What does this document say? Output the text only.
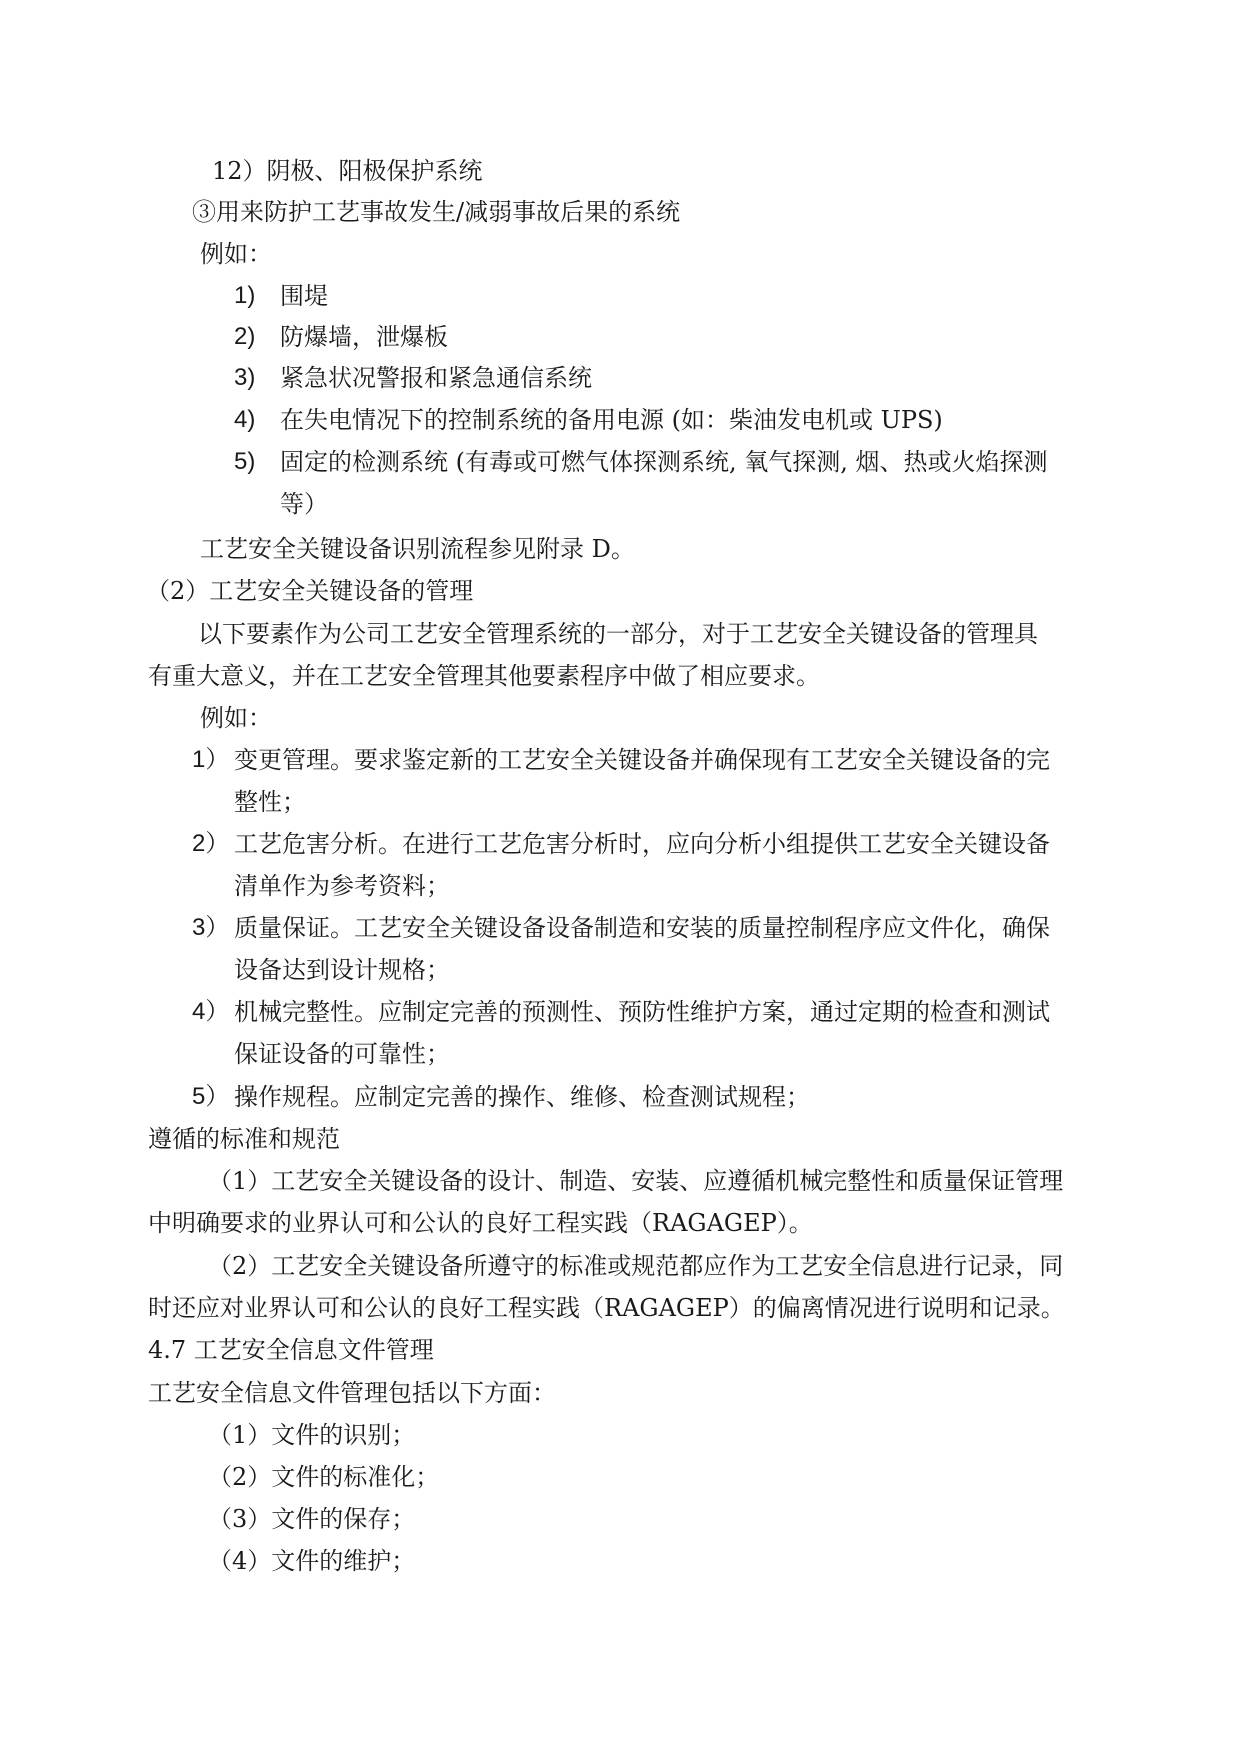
12）阴极、阳极保护系统
③用来防护工艺事故发生/减弱事故后果的系统
例如：
1) 围堤
2) 防爆墙，泄爆板
3) 紧急状况警报和紧急通信系统
4) 在失电情况下的控制系统的备用电源 (如：柴油发电机或 UPS)
5) 固定的检测系统 (有毒或可燃气体探测系统, 氧气探测, 烟、热或火焰探测
等）
工艺安全关键设备识别流程参见附录 D。
（2）工艺安全关键设备的管理
以下要素作为公司工艺安全管理系统的一部分，对于工艺安全关键设备的管理具
有重大意义，并在工艺安全管理其他要素程序中做了相应要求。
例如：
1） 变更管理。要求鉴定新的工艺安全关键设备并确保现有工艺安全关键设备的完
整性；
2） 工艺危害分析。在进行工艺危害分析时，应向分析小组提供工艺安全关键设备
清单作为参考资料；
3） 质量保证。工艺安全关键设备设备制造和安装的质量控制程序应文件化，确保
设备达到设计规格；
4） 机械完整性。应制定完善的预测性、预防性维护方案，通过定期的检查和测试
保证设备的可靠性；
5） 操作规程。应制定完善的操作、维修、检查测试规程；
遵循的标准和规范
（1）工艺安全关键设备的设计、制造、安装、应遵循机械完整性和质量保证管理
中明确要求的业界认可和公认的良好工程实践（RAGAGEP）。
（2）工艺安全关键设备所遵守的标准或规范都应作为工艺安全信息进行记录，同
时还应对业界认可和公认的良好工程实践（RAGAGEP）的偏离情况进行说明和记录。
4.7 工艺安全信息文件管理
工艺安全信息文件管理包括以下方面：
（1）文件的识别；
（2）文件的标准化；
（3）文件的保存；
（4）文件的维护；
